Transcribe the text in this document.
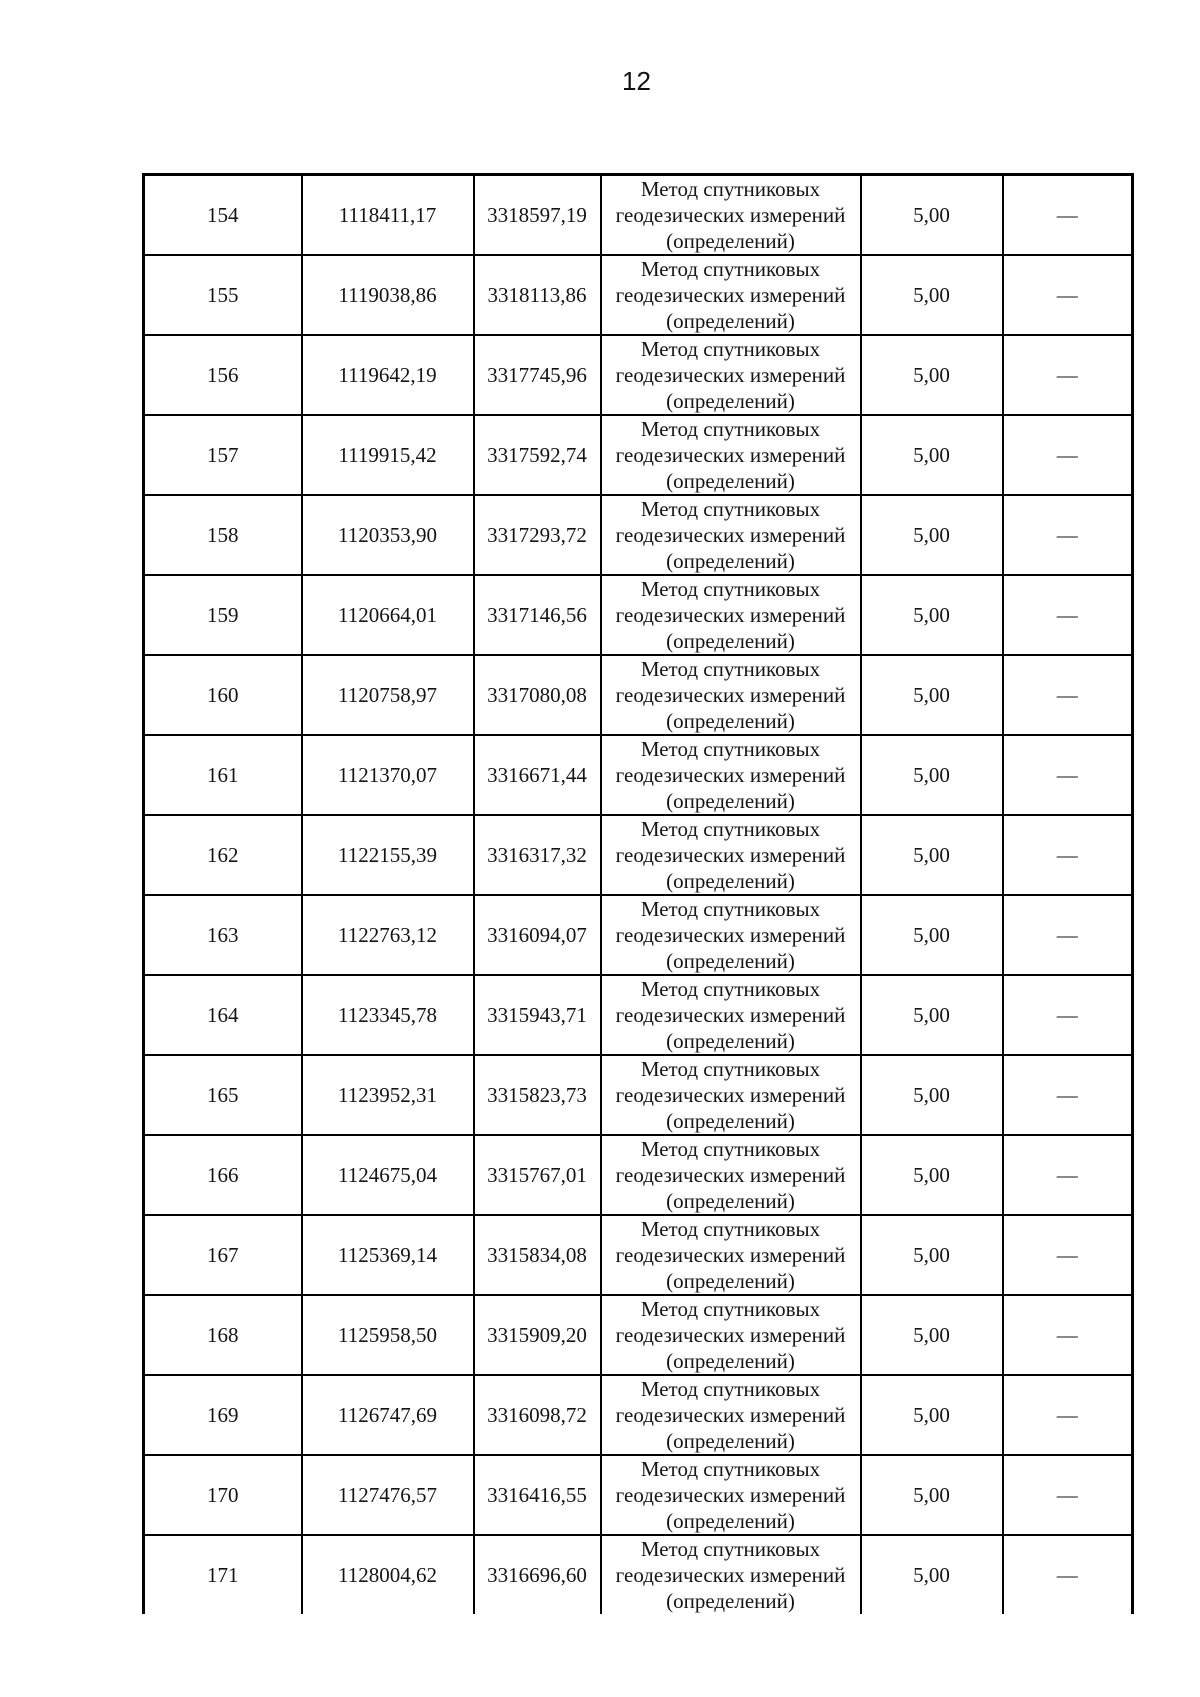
12
154	1118411,17	3318597,19	Метод спутниковых геодезических измерений (определений)	5,00	—
155	1119038,86	3318113,86	Метод спутниковых геодезических измерений (определений)	5,00	—
156	1119642,19	3317745,96	Метод спутниковых геодезических измерений (определений)	5,00	—
157	1119915,42	3317592,74	Метод спутниковых геодезических измерений (определений)	5,00	—
158	1120353,90	3317293,72	Метод спутниковых геодезических измерений (определений)	5,00	—
159	1120664,01	3317146,56	Метод спутниковых геодезических измерений (определений)	5,00	—
160	1120758,97	3317080,08	Метод спутниковых геодезических измерений (определений)	5,00	—
161	1121370,07	3316671,44	Метод спутниковых геодезических измерений (определений)	5,00	—
162	1122155,39	3316317,32	Метод спутниковых геодезических измерений (определений)	5,00	—
163	1122763,12	3316094,07	Метод спутниковых геодезических измерений (определений)	5,00	—
164	1123345,78	3315943,71	Метод спутниковых геодезических измерений (определений)	5,00	—
165	1123952,31	3315823,73	Метод спутниковых геодезических измерений (определений)	5,00	—
166	1124675,04	3315767,01	Метод спутниковых геодезических измерений (определений)	5,00	—
167	1125369,14	3315834,08	Метод спутниковых геодезических измерений (определений)	5,00	—
168	1125958,50	3315909,20	Метод спутниковых геодезических измерений (определений)	5,00	—
169	1126747,69	3316098,72	Метод спутниковых геодезических измерений (определений)	5,00	—
170	1127476,57	3316416,55	Метод спутниковых геодезических измерений (определений)	5,00	—
171	1128004,62	3316696,60	Метод спутниковых геодезических измерений (определений)	5,00	—
